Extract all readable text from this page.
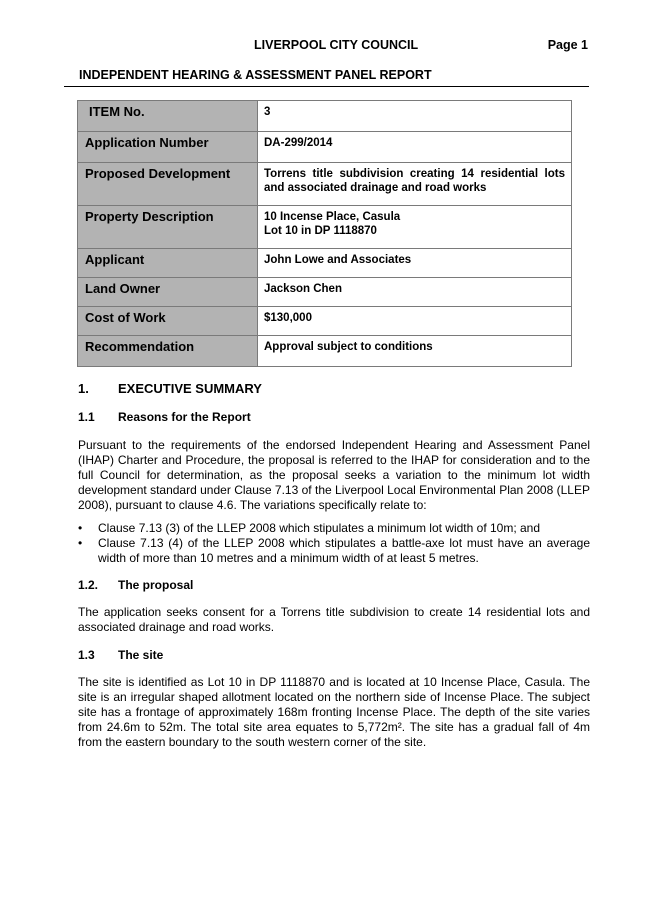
LIVERPOOL CITY COUNCIL	Page 1
INDEPENDENT HEARING & ASSESSMENT PANEL REPORT
ITEM No.	3
Application Number	DA-299/2014
Proposed Development	Torrens title subdivision creating 14 residential lots and associated drainage and road works
Property Description	10 Incense Place, Casula
Lot 10 in DP 1118870

Applicant	John Lowe and Associates
Land Owner	Jackson Chen
Cost of Work	$130,000
Recommendation	Approval subject to conditions
1. EXECUTIVE SUMMARY
1.1 Reasons for the Report

Pursuant to the requirements of the endorsed Independent Hearing and Assessment Panel (IHAP) Charter and Procedure, the proposal is referred to the IHAP for consideration and to the full Council for determination, as the proposal seeks a variation to the minimum lot width development standard under Clause 7.13 of the Liverpool Local Environmental Plan 2008 (LLEP 2008), pursuant to clause 4.6. The variations specifically relate to:

• Clause 7.13 (3) of the LLEP 2008 which stipulates a minimum lot width of 10m; and
• Clause 7.13 (4) of the LLEP 2008 which stipulates a battle-axe lot must have an average width of more than 10 metres and a minimum width of at least 5 metres.
1.2. The proposal

The application seeks consent for a Torrens title subdivision to create 14 residential lots and associated drainage and road works.

1.3 The site

The site is identified as Lot 10 in DP 1118870 and is located at 10 Incense Place, Casula. The site is an irregular shaped allotment located on the northern side of Incense Place. The subject site has a frontage of approximately 168m fronting Incense Place. The depth of the site varies from 24.6m to 52m. The total site area equates to 5,772m². The site has a gradual fall of 4m from the eastern boundary to the south western corner of the site.
